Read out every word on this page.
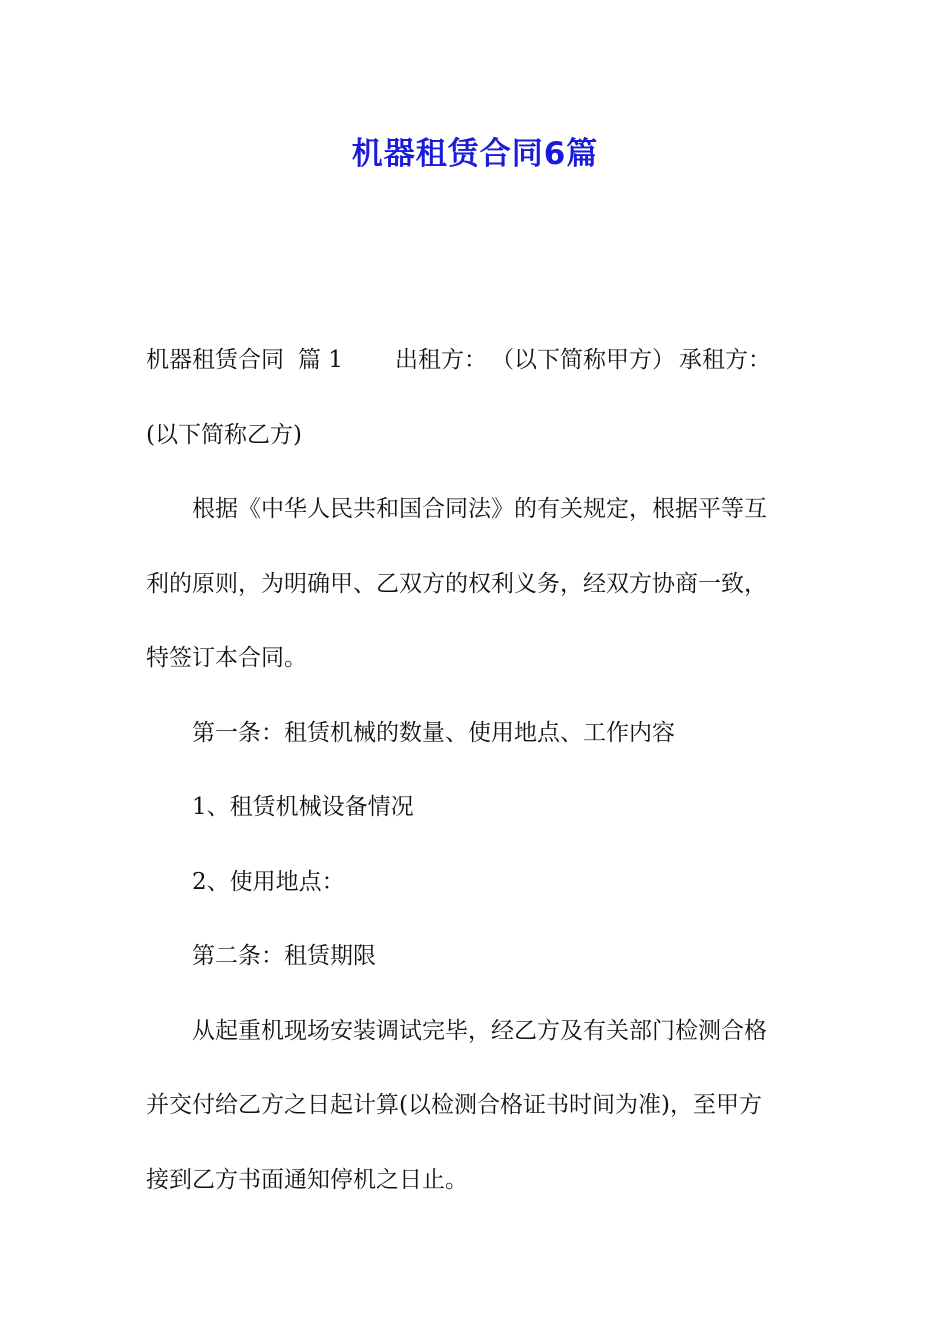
机器租赁合同6篇
机器租赁合同 篇 1 出租方： （以下简称甲方） 承租方：
(以下简称乙方)
根据《中华人民共和国合同法》的有关规定，根据平等互
利的原则，为明确甲、乙双方的权利义务，经双方协商一致，
特签订本合同。
第一条：租赁机械的数量、使用地点、工作内容
1、租赁机械设备情况
2、使用地点：
第二条：租赁期限
从起重机现场安装调试完毕，经乙方及有关部门检测合格
并交付给乙方之日起计算(以检测合格证书时间为准)，至甲方
接到乙方书面通知停机之日止。
